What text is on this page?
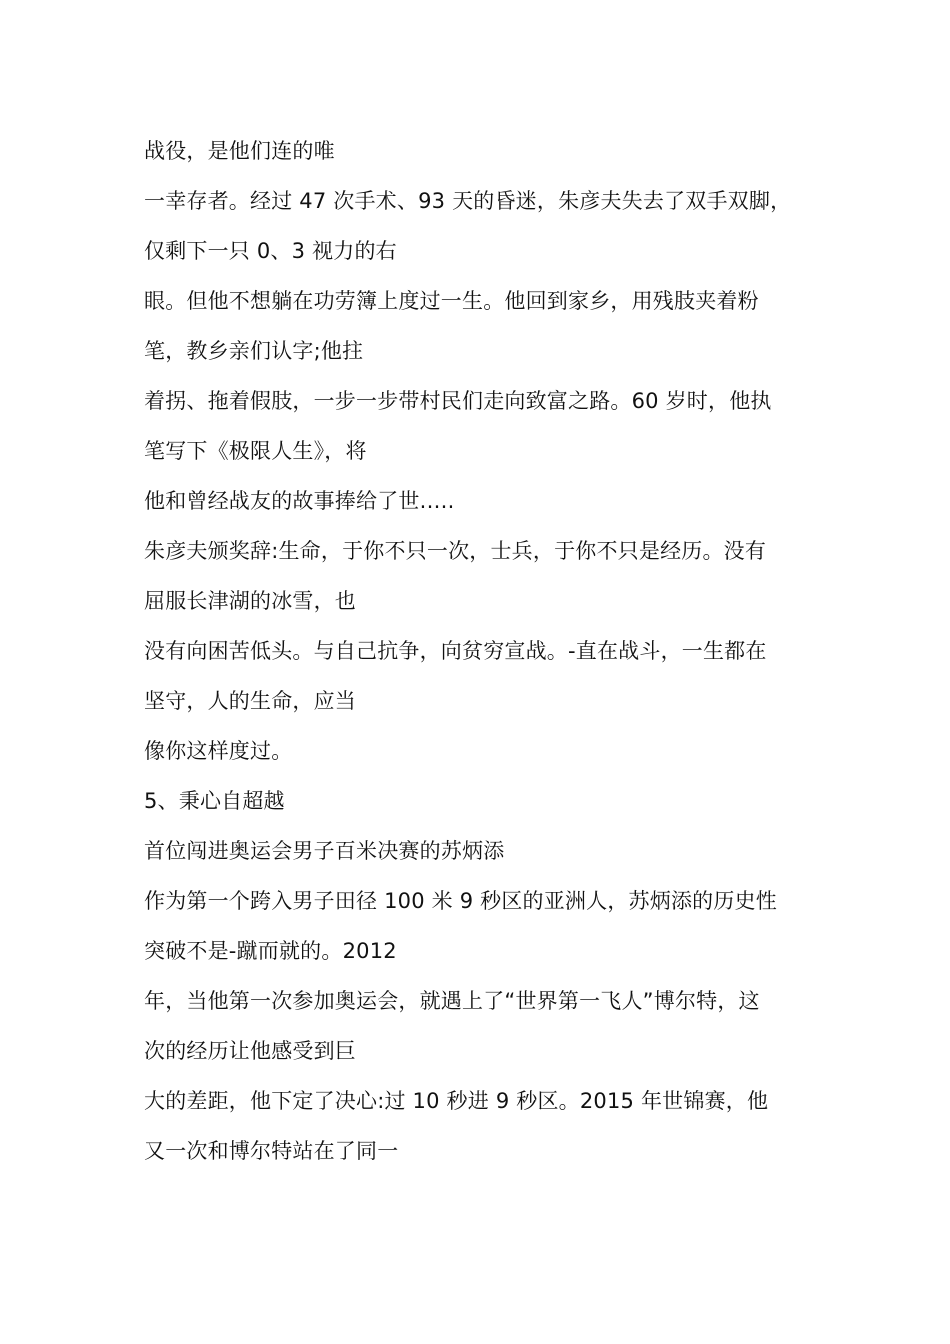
战役，是他们连的唯
一幸存者。经过 47 次手术、93 天的昏迷，朱彦夫失去了双手双脚，
仅剩下一只 0、3 视力的右
眼。但他不想躺在功劳簿上度过一生。他回到家乡，用残肢夹着粉
笔，教乡亲们认字;他拄
着拐、拖着假肢，一步一步带村民们走向致富之路。60 岁时，他执
笔写下《极限人生》，将
他和曾经战友的故事捧给了世.….
朱彦夫颁奖辞:生命，于你不只一次，士兵，于你不只是经历。没有
屈服长津湖的冰雪，也
没有向困苦低头。与自己抗争，向贫穷宣战。-直在战斗，一生都在
坚守，人的生命，应当
像你这样度过。
5、秉心自超越
首位闯进奥运会男子百米决赛的苏炳添
作为第一个跨入男子田径 100 米 9 秒区的亚洲人，苏炳添的历史性
突破不是-蹴而就的。2012
年，当他第一次参加奥运会，就遇上了“世界第一飞人”博尔特，这
次的经历让他感受到巨
大的差距，他下定了决心:过 10 秒进 9 秒区。2015 年世锦赛，他
又一次和博尔特站在了同一
